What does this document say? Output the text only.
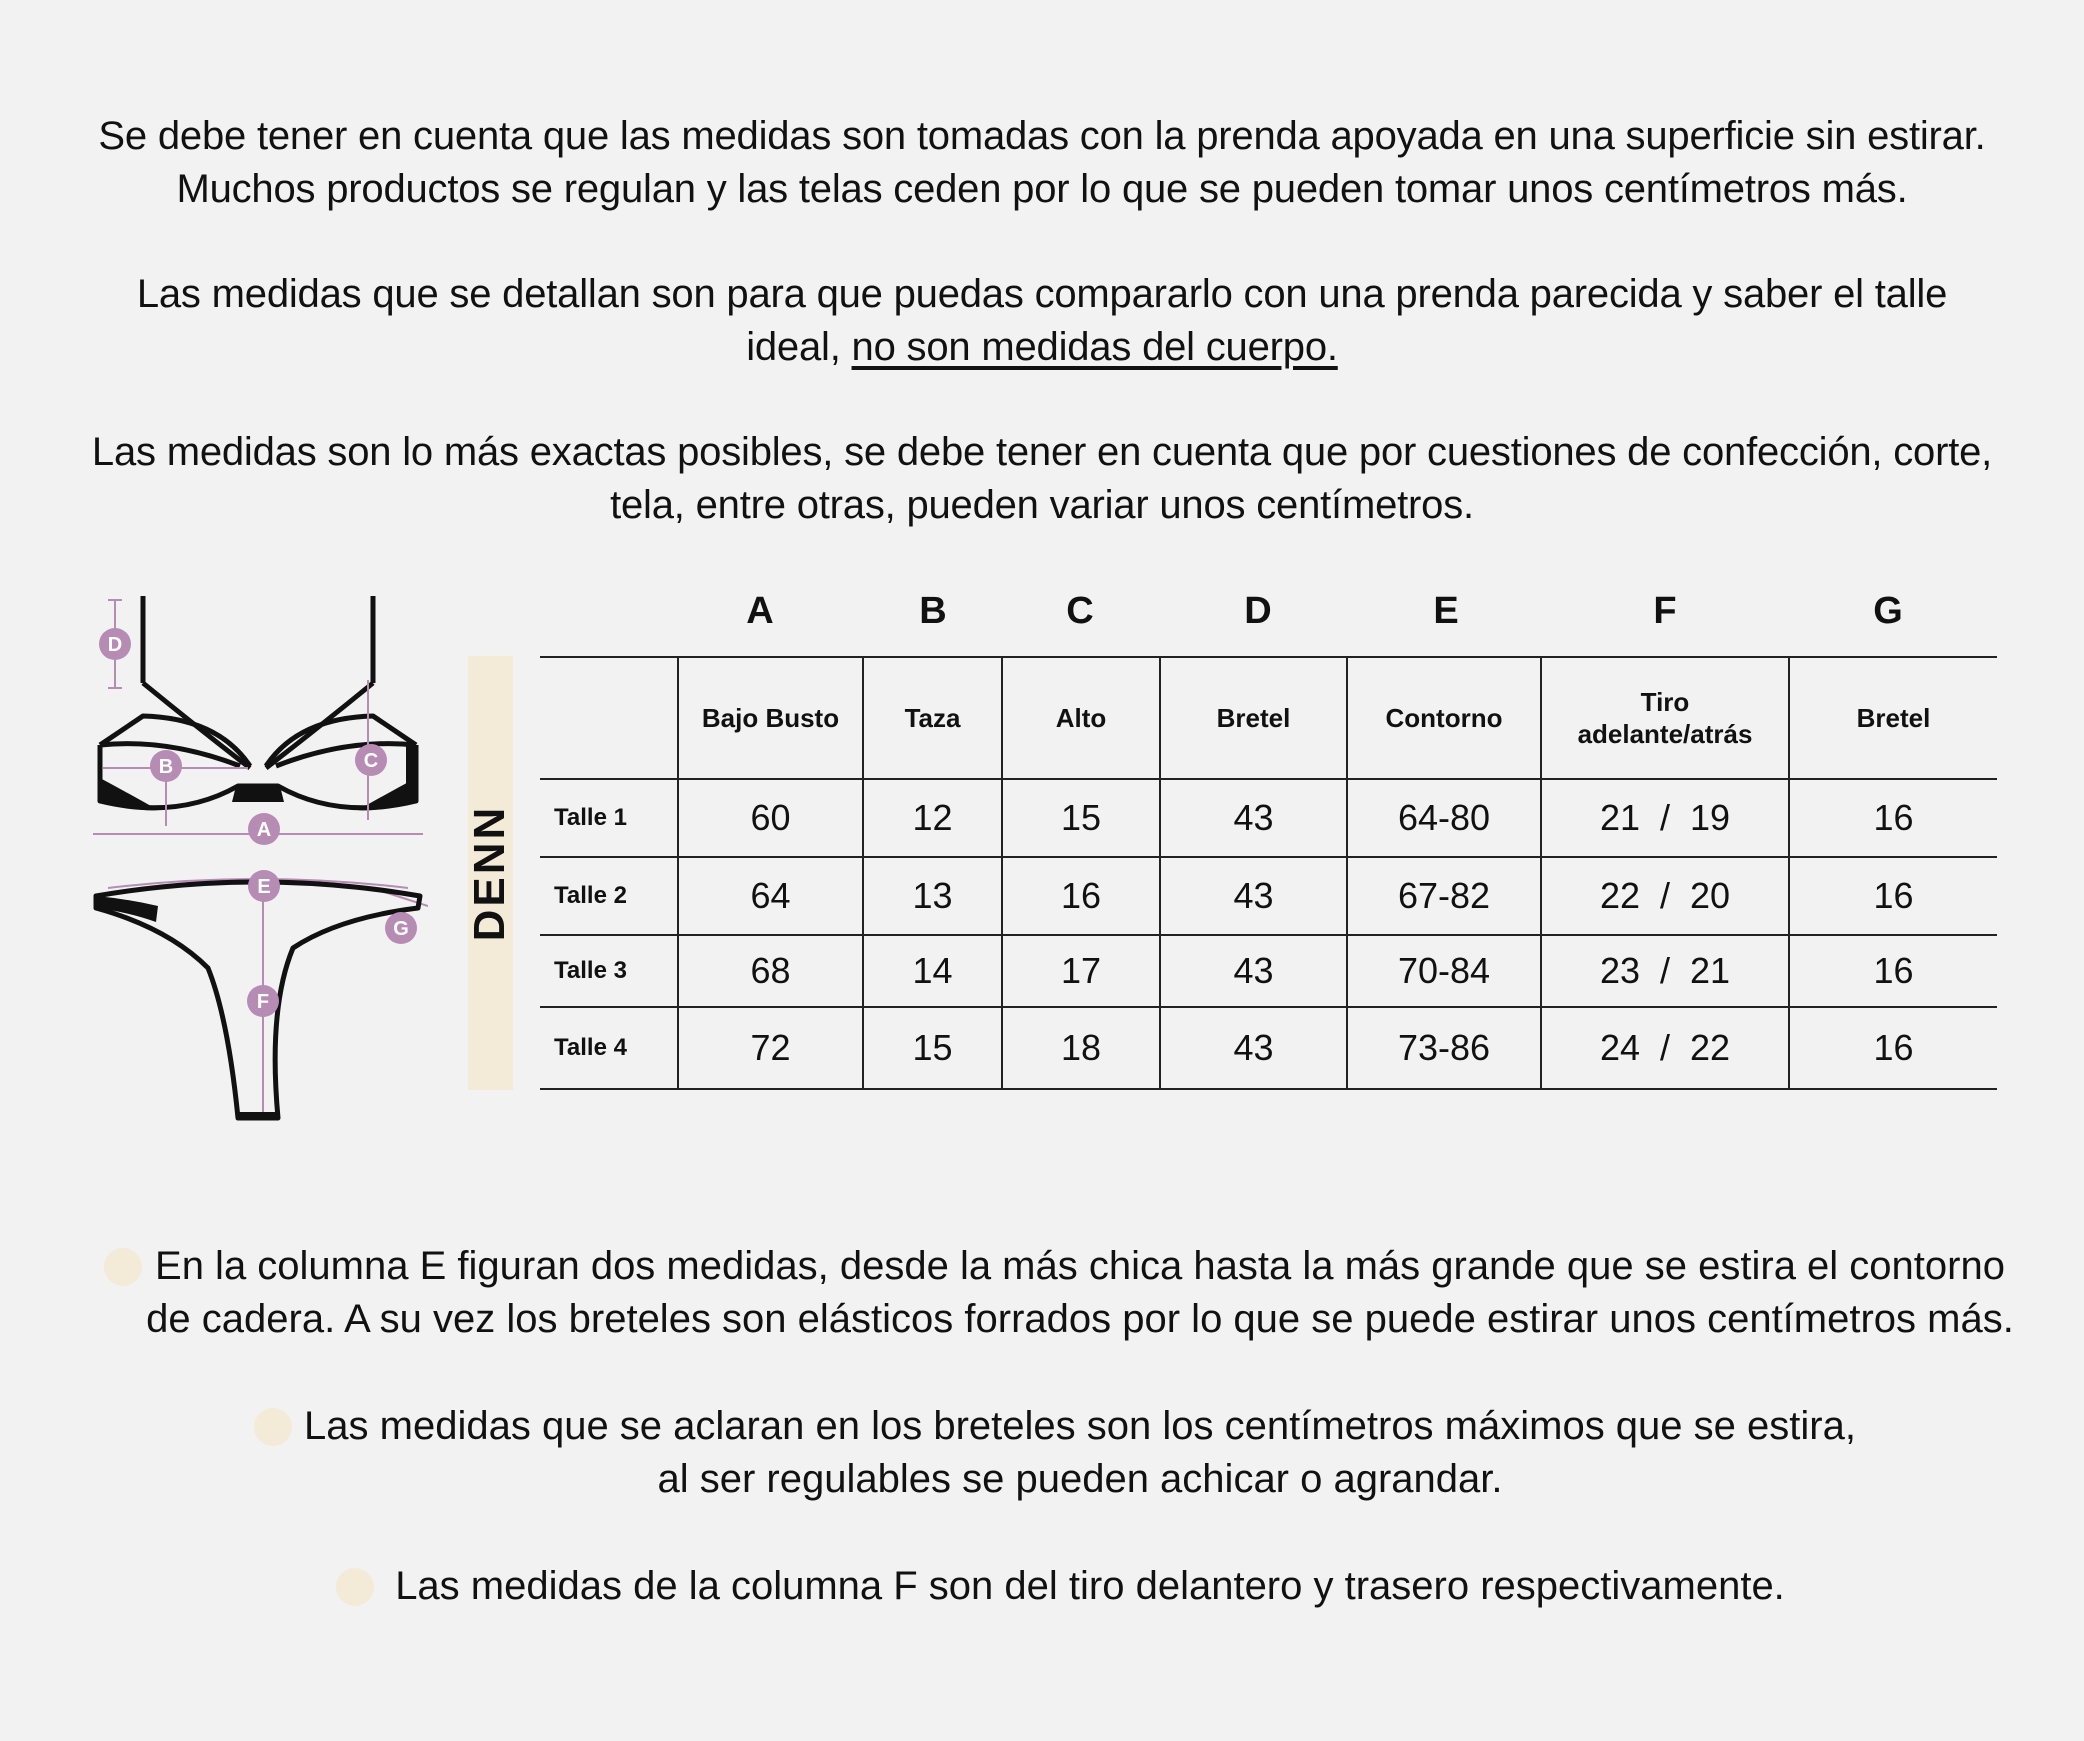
Se debe tener en cuenta que las medidas son tomadas con la prenda apoyada en una superficie sin estirar.
Muchos productos se regulan y las telas ceden por lo que se pueden tomar unos centímetros más.

Las medidas que se detallan son para que puedas compararlo con una prenda parecida y saber el talle
ideal, no son medidas del cuerpo.

Las medidas son lo más exactas posibles, se debe tener en cuenta que por cuestiones de confección, corte,
tela, entre otras, pueden variar unos centímetros.

D
B	C
A
E
G
F
DENN
A	B	C	D	E	F	G
	Bajo Busto	Taza	Alto	Bretel	Contorno	Tiro
adelante/atrás	Bretel
Talle 1	60	12	15	43	64-80	21  /  19	16
Talle 2	64	13	16	43	67-82	22  /  20	16
Talle 3	68	14	17	43	70-84	23  /  21	16
Talle 4	72	15	18	43	73-86	24  /  22	16
En la columna E figuran dos medidas, desde la más chica hasta la más grande que se estira el contorno
de cadera. A su vez los breteles son elásticos forrados por lo que se puede estirar unos centímetros más.
Las medidas que se aclaran en los breteles son los centímetros máximos que se estira,
al ser regulables se pueden achicar o agrandar.
Las medidas de la columna F son del tiro delantero y trasero respectivamente.
